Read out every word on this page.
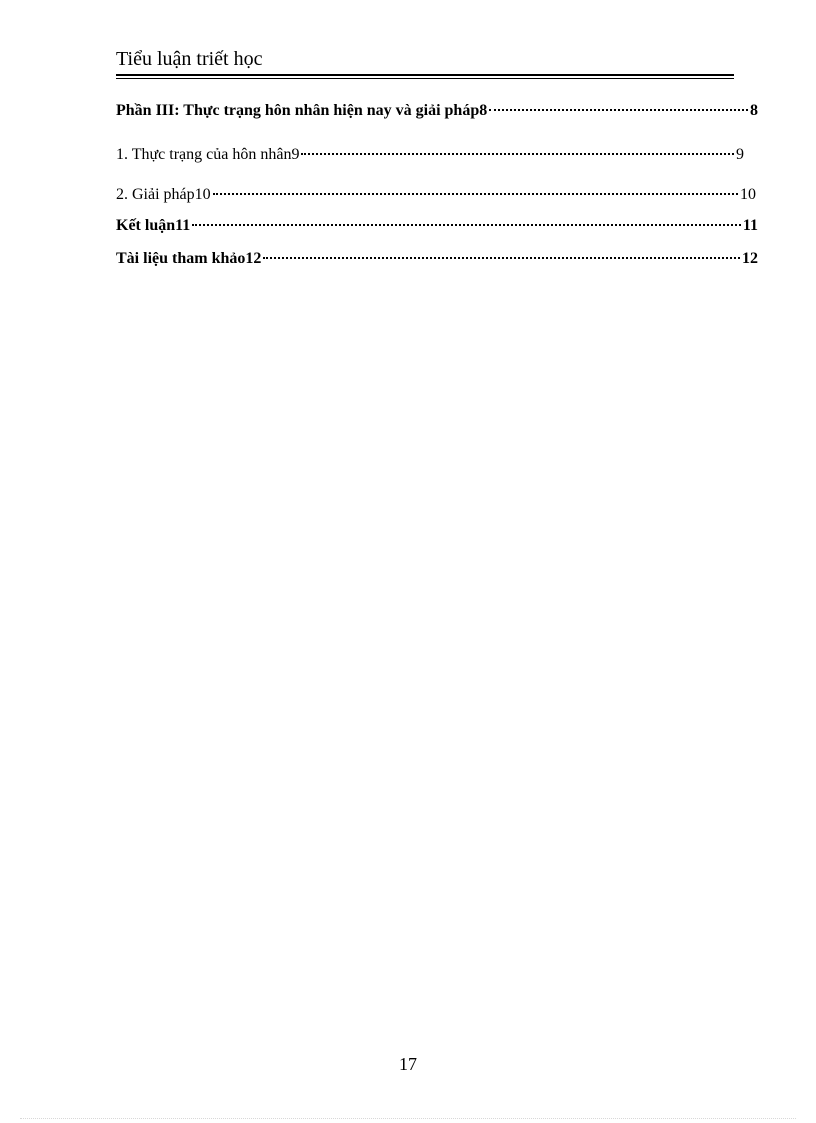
Tiểu luận triết học
Phần III: Thực trạng hôn nhân hiện nay và giải pháp8	8
1. Thực trạng của hôn nhân9	9
2. Giải pháp10	10
Kết luận11	11
Tài liệu tham khảo12	12
17
